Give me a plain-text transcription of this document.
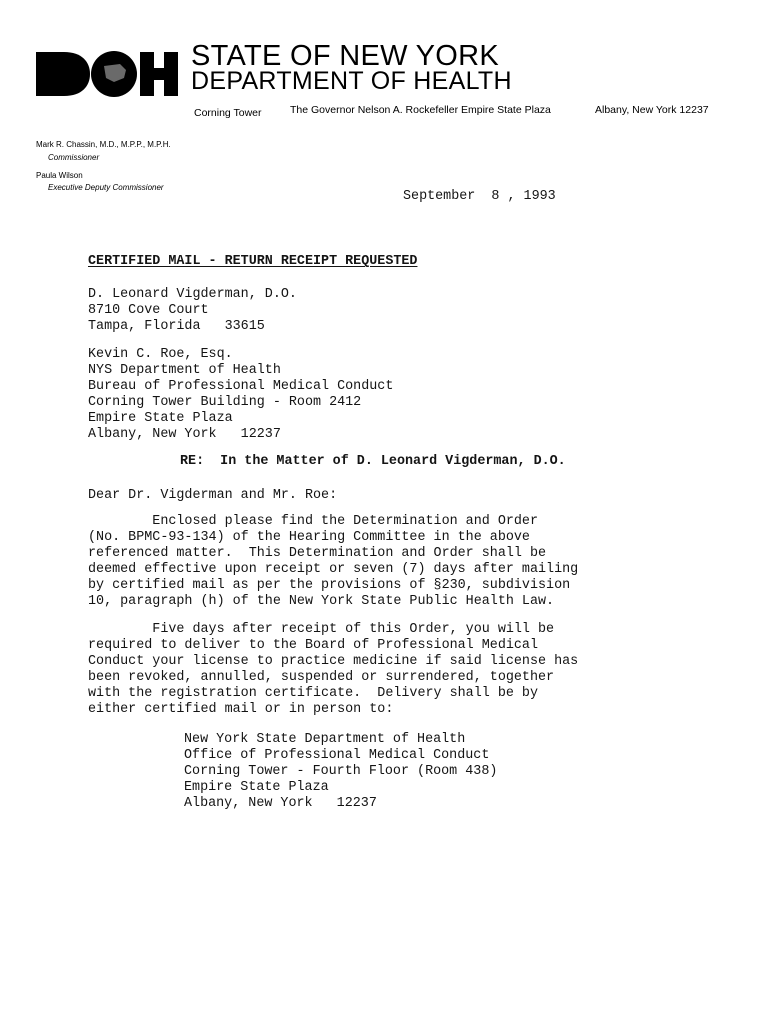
STATE OF NEW YORK
DEPARTMENT OF HEALTH
Corning Tower	The Governor Nelson A. Rockefeller Empire State Plaza	Albany, New York 12237
Mark R. Chassin, M.D., M.P.P., M.P.H.
Commissioner
Paula Wilson
Executive Deputy Commissioner
September  8 , 1993
CERTIFIED MAIL - RETURN RECEIPT REQUESTED
D. Leonard Vigderman, D.O.
8710 Cove Court
Tampa, Florida   33615
Kevin C. Roe, Esq.
NYS Department of Health
Bureau of Professional Medical Conduct
Corning Tower Building - Room 2412
Empire State Plaza
Albany, New York   12237
RE:  In the Matter of D. Leonard Vigderman, D.O.
Dear Dr. Vigderman and Mr. Roe:
Enclosed please find the Determination and Order
(No. BPMC-93-134) of the Hearing Committee in the above
referenced matter.  This Determination and Order shall be
deemed effective upon receipt or seven (7) days after mailing
by certified mail as per the provisions of §230, subdivision
10, paragraph (h) of the New York State Public Health Law.
Five days after receipt of this Order, you will be
required to deliver to the Board of Professional Medical
Conduct your license to practice medicine if said license has
been revoked, annulled, suspended or surrendered, together
with the registration certificate.  Delivery shall be by
either certified mail or in person to:
New York State Department of Health
Office of Professional Medical Conduct
Corning Tower - Fourth Floor (Room 438)
Empire State Plaza
Albany, New York   12237
